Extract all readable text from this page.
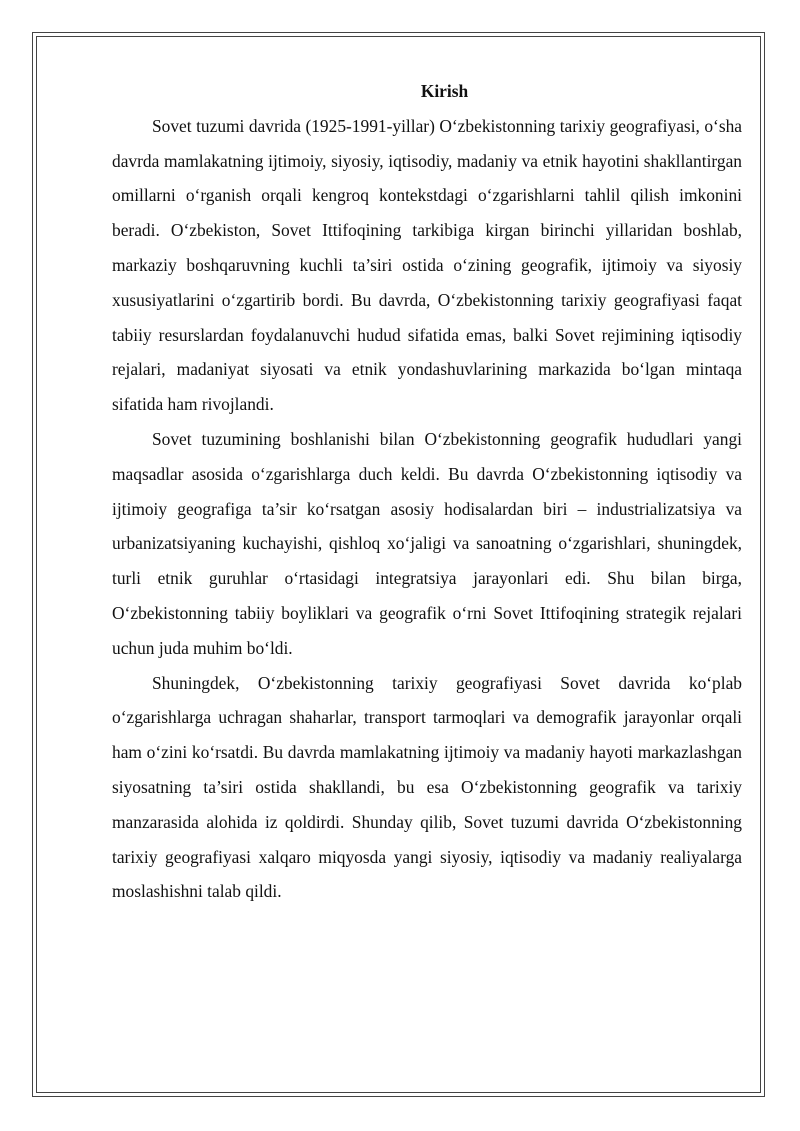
Kirish

Sovet tuzumi davrida (1925-1991-yillar) O‘zbekistonning tarixiy geografiyasi, o‘sha davrda mamlakatning ijtimoiy, siyosiy, iqtisodiy, madaniy va etnik hayotini shakllantirgan omillarni o‘rganish orqali kengroq kontekstdagi o‘zgarishlarni tahlil qilish imkonini beradi. O‘zbekiston, Sovet Ittifoqining tarkibiga kirgan birinchi yillaridan boshlab, markaziy boshqaruvning kuchli ta’siri ostida o‘zining geografik, ijtimoiy va siyosiy xususiyatlarini o‘zgartirib bordi. Bu davrda, O‘zbekistonning tarixiy geografiyasi faqat tabiiy resurslardan foydalanuvchi hudud sifatida emas, balki Sovet rejimining iqtisodiy rejalari, madaniyat siyosati va etnik yondashuvlarining markazida bo‘lgan mintaqa sifatida ham rivojlandi.

Sovet tuzumining boshlanishi bilan O‘zbekistonning geografik hududlari yangi maqsadlar asosida o‘zgarishlarga duch keldi. Bu davrda O‘zbekistonning iqtisodiy va ijtimoiy geografiga ta’sir ko‘rsatgan asosiy hodisalardan biri – industrializatsiya va urbanizatsiyaning kuchayishi, qishloq xo‘jaligi va sanoatning o‘zgarishlari, shuningdek, turli etnik guruhlar o‘rtasidagi integratsiya jarayonlari edi. Shu bilan birga, O‘zbekistonning tabiiy boyliklari va geografik o‘rni Sovet Ittifoqining strategik rejalari uchun juda muhim bo‘ldi.

Shuningdek, O‘zbekistonning tarixiy geografiyasi Sovet davrida ko‘plab o‘zgarishlarga uchragan shaharlar, transport tarmoqlari va demografik jarayonlar orqali ham o‘zini ko‘rsatdi. Bu davrda mamlakatning ijtimoiy va madaniy hayoti markazlashgan siyosatning ta’siri ostida shakllandi, bu esa O‘zbekistonning geografik va tarixiy manzarasida alohida iz qoldirdi. Shunday qilib, Sovet tuzumi davrida O‘zbekistonning tarixiy geografiyasi xalqaro miqyosda yangi siyosiy, iqtisodiy va madaniy realiyalarga moslashishni talab qildi.
